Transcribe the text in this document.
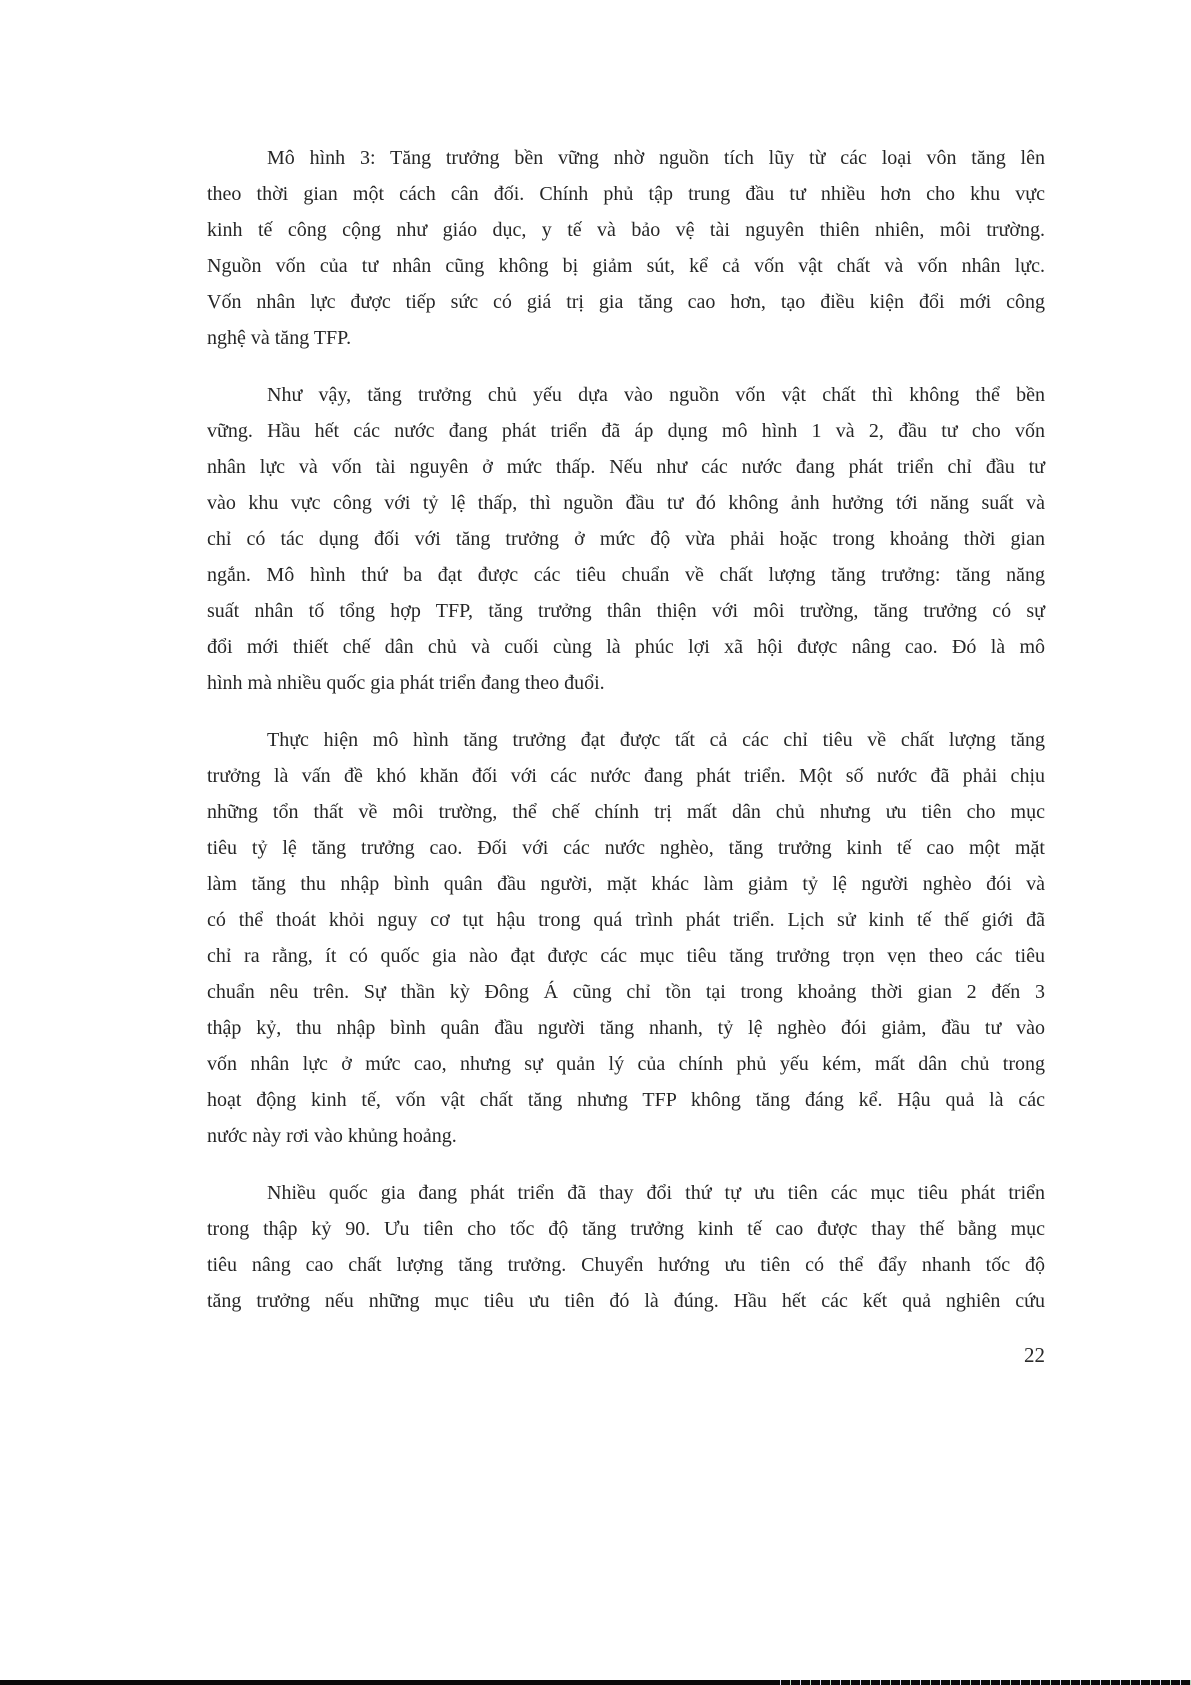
Mô hình 3: Tăng trưởng bền vững nhờ nguồn tích lũy từ các loại vôn tăng lên
theo thời gian một cách cân đối. Chính phủ tập trung đầu tư nhiều hơn cho khu vực
kinh tế công cộng như giáo dục, y tế và bảo vệ tài nguyên thiên nhiên, môi trường.
Nguồn vốn của tư nhân cũng không bị giảm sút, kể cả vốn vật chất và vốn nhân lực.
Vốn nhân lực được tiếp sức có giá trị gia tăng cao hơn, tạo điều kiện đổi mới công
nghệ và tăng TFP.
Như vậy, tăng trưởng chủ yếu dựa vào nguồn vốn vật chất thì không thể bền
vững. Hầu hết các nước đang phát triển đã áp dụng mô hình 1 và 2, đầu tư cho vốn
nhân lực và vốn tài nguyên ở mức thấp. Nếu như các nước đang phát triển chỉ đầu tư
vào khu vực công với tỷ lệ thấp, thì nguồn đầu tư đó không ảnh hưởng tới năng suất và
chỉ có tác dụng đối với tăng trưởng ở mức độ vừa phải hoặc trong khoảng thời gian
ngắn. Mô hình thứ ba đạt được các tiêu chuẩn về chất lượng tăng trưởng: tăng năng
suất nhân tố tổng hợp TFP, tăng trưởng thân thiện với môi trường, tăng trưởng có sự
đổi mới thiết chế dân chủ và cuối cùng là phúc lợi xã hội được nâng cao. Đó là mô
hình mà nhiều quốc gia phát triển đang theo đuổi.
Thực hiện mô hình tăng trưởng đạt được tất cả các chỉ tiêu về chất lượng tăng
trưởng là vấn đề khó khăn đối với các nước đang phát triển. Một số nước đã phải chịu
những tổn thất về môi trường, thể chế chính trị mất dân chủ nhưng ưu tiên cho mục
tiêu tỷ lệ tăng trưởng cao. Đối với các nước nghèo, tăng trưởng kinh tế cao một mặt
làm tăng thu nhập bình quân đầu người, mặt khác làm giảm tỷ lệ người nghèo đói và
có thể thoát khỏi nguy cơ tụt hậu trong quá trình phát triển. Lịch sử kinh tế thế giới đã
chỉ ra rằng, ít có quốc gia nào đạt được các mục tiêu tăng trưởng trọn vẹn theo các tiêu
chuẩn nêu trên. Sự thần kỳ Đông Á cũng chỉ tồn tại trong khoảng thời gian 2 đến 3
thập kỷ, thu nhập bình quân đầu người tăng nhanh, tỷ lệ nghèo đói giảm, đầu tư vào
vốn nhân lực ở mức cao, nhưng sự quản lý của chính phủ yếu kém, mất dân chủ trong
hoạt động kinh tế, vốn vật chất tăng nhưng TFP không tăng đáng kể. Hậu quả là các
nước này rơi vào khủng hoảng.
Nhiều quốc gia đang phát triển đã thay đổi thứ tự ưu tiên các mục tiêu phát triển
trong thập kỷ 90. Ưu tiên cho tốc độ tăng trưởng kinh tế cao được thay thế bằng mục
tiêu nâng cao chất lượng tăng trưởng. Chuyển hướng ưu tiên có thể đẩy nhanh tốc độ
tăng trưởng nếu những mục tiêu ưu tiên đó là đúng. Hầu hết các kết quả nghiên cứu
22
